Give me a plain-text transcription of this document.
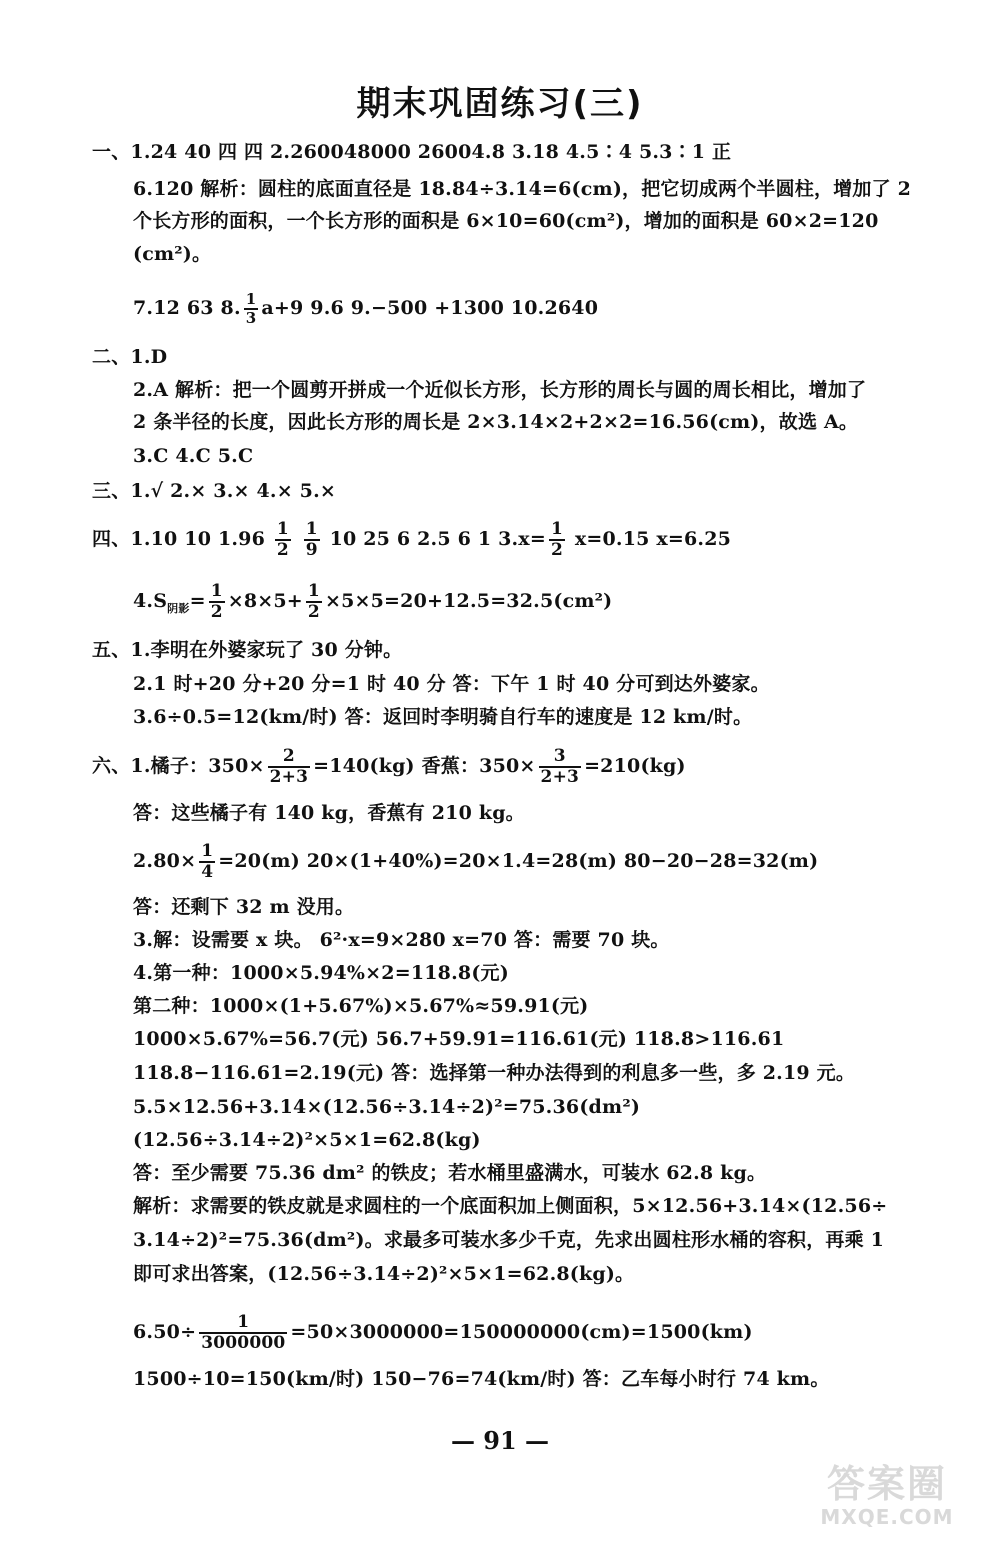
期末巩固练习(三)
一、1.24 40 四 四 2.260048000 26004.8 3.18 4.5∶4 5.3∶1 正
6.120 解析：圆柱的底面直径是 18.84÷3.14=6(cm)，把它切成两个半圆柱，增加了 2
个长方形的面积，一个长方形的面积是 6×10=60(cm²)，增加的面积是 60×2=120
(cm²)。
7.12 63 8. $\frac{1}{3} a+9$ 9.6 9.−500 +1300 10.2640
二、1.D
2.A 解析：把一个圆剪开拼成一个近似长方形，长方形的周长与圆的周长相比，增加了
2 条半径的长度，因此长方形的周长是 2×3.14×2+2×2=16.56(cm)，故选 A。
3.C 4.C 5.C
三、1.√ 2.× 3.× 4.× 5.×
四、1.10 10 $1.96 \frac{1}{2}$
$\frac{1}{9} 10$ 25 6 2.5 6 1 $3.x= \frac{1}{2} x=0.15$ x=6.25
$4.S_{阴影}= \frac{1}{2} \times 8\times 5+ \frac{1}{2} \times 5\times 5=20+12.5=32.5(cm^2)$
五、1.李明在外婆家玩了 30 分钟。
2.1 时+20 分+20 分=1 时 40 分 答：下午 1 时 40 分可到达外婆家。
3.6÷0.5=12(km/时) 答：返回时李明骑自行车的速度是 12 km/时。
六、1.橘子：$350\times \frac{2}{2+3} =140(kg)$ 香蕉：$350\times \frac{3}{2+3} =210(kg)$
答：这些橘子有 140 kg，香蕉有 210 kg。
$2.80\times \frac{1}{4} =20(m)$ 20×(1+40%)=20×1.4=28(m) 80−20−28=32(m)
答：还剩下 32 m 没用。
3.解：设需要 x 块。 6²·x=9×280 x=70 答：需要 70 块。
4.第一种：1000×5.94%×2=118.8(元)
第二种：1000×(1+5.67%)×5.67%≈59.91(元)
1000×5.67%=56.7(元) 56.7+59.91=116.61(元) 118.8>116.61
118.8−116.61=2.19(元) 答：选择第一种办法得到的利息多一些，多 2.19 元。
5.5×12.56+3.14×(12.56÷3.14÷2)²=75.36(dm²)
(12.56÷3.14÷2)²×5×1=62.8(kg)
答：至少需要 75.36 dm² 的铁皮；若水桶里盛满水，可装水 62.8 kg。
解析：求需要的铁皮就是求圆柱的一个底面积加上侧面积，5×12.56+3.14×(12.56÷
3.14÷2)²=75.36(dm²)。求最多可装水多少千克，先求出圆柱形水桶的容积，再乘 1
即可求出答案，(12.56÷3.14÷2)²×5×1=62.8(kg)。
$6.50\div \frac{1}{3000000} =50\times 3000000=150000000(cm)=1500(km)$
1500÷10=150(km/时) 150−76=74(km/时) 答：乙车每小时行 74 km。
— 91 —
答案圈
MXQE.COM
